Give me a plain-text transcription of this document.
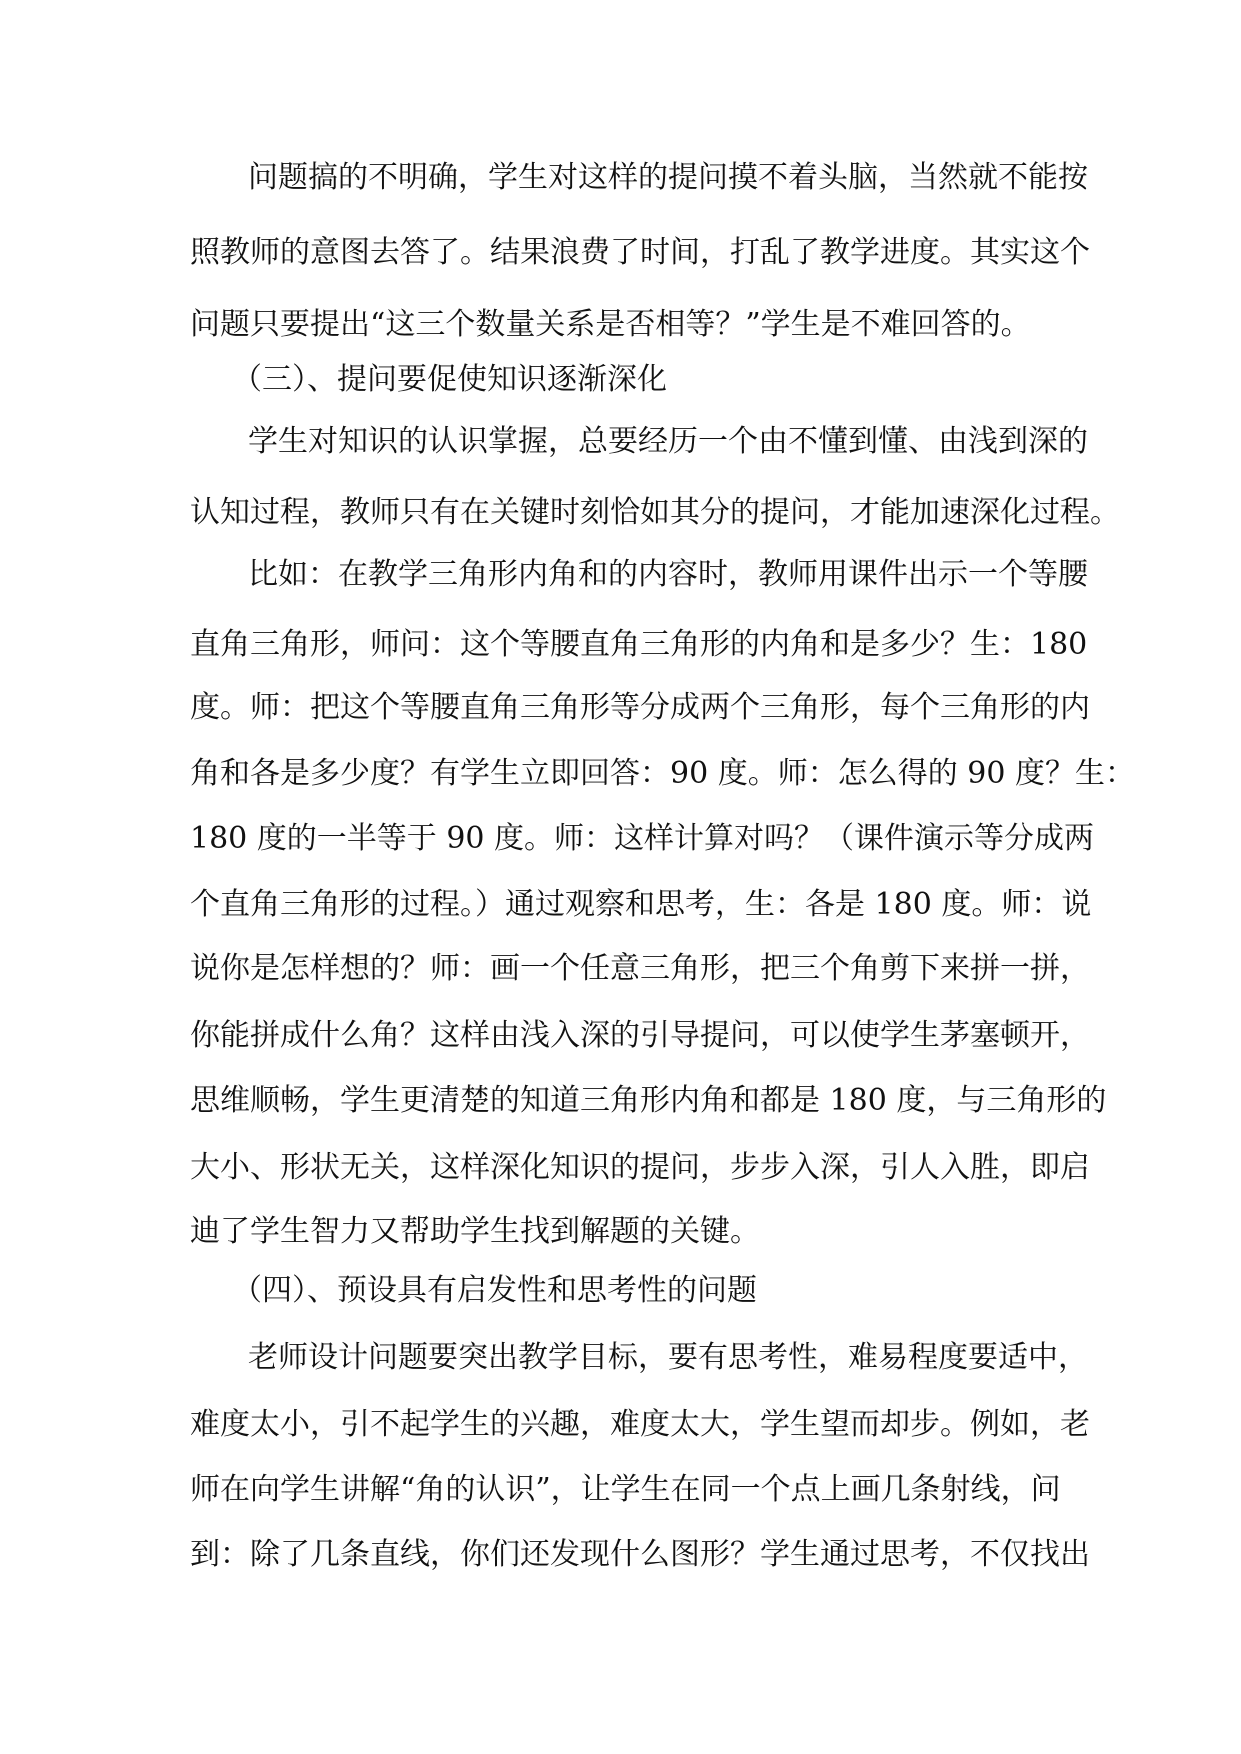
问题搞的不明确，学生对这样的提问摸不着头脑，当然就不能按

照教师的意图去答了。结果浪费了时间，打乱了教学进度。其实这个

问题只要提出“这三个数量关系是否相等？”学生是不难回答的。

（三）、提问要促使知识逐渐深化

学生对知识的认识掌握，总要经历一个由不懂到懂、由浅到深的

认知过程，教师只有在关键时刻恰如其分的提问，才能加速深化过程。

比如：在教学三角形内角和的内容时，教师用课件出示一个等腰

直角三角形，师问：这个等腰直角三角形的内角和是多少？生：180

度。师：把这个等腰直角三角形等分成两个三角形，每个三角形的内

角和各是多少度？有学生立即回答：90 度。师：怎么得的 90 度？生：

180 度的一半等于 90 度。师：这样计算对吗？（课件演示等分成两

个直角三角形的过程。）通过观察和思考，生：各是 180 度。师：说

说你是怎样想的？师：画一个任意三角形，把三个角剪下来拼一拼，

你能拼成什么角？这样由浅入深的引导提问，可以使学生茅塞顿开，

思维顺畅，学生更清楚的知道三角形内角和都是 180 度，与三角形的

大小、形状无关，这样深化知识的提问，步步入深，引人入胜，即启

迪了学生智力又帮助学生找到解题的关键。

（四）、预设具有启发性和思考性的问题

老师设计问题要突出教学目标，要有思考性，难易程度要适中，

难度太小，引不起学生的兴趣，难度太大，学生望而却步。例如，老

师在向学生讲解“角的认识”，让学生在同一个点上画几条射线，问

到：除了几条直线，你们还发现什么图形？学生通过思考，不仅找出
